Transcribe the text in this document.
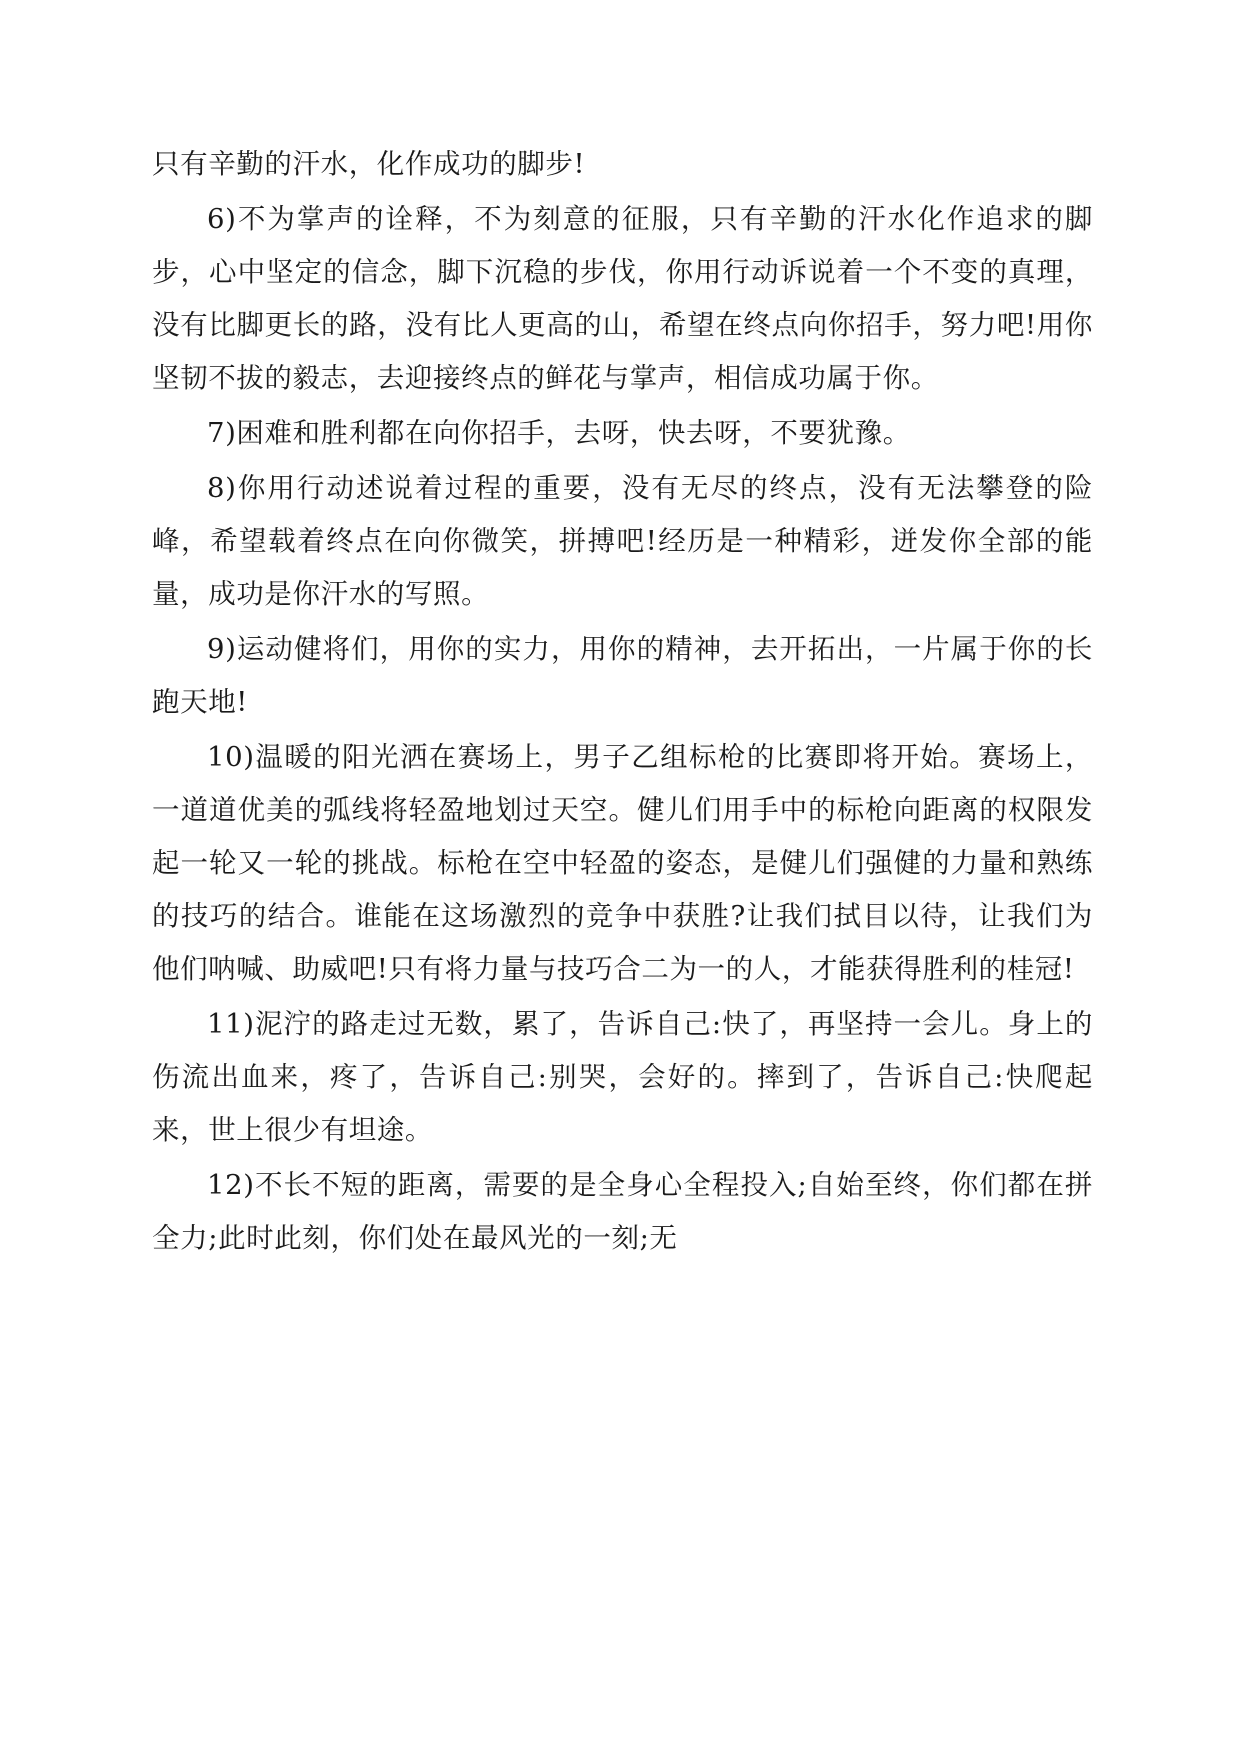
只有辛勤的汗水，化作成功的脚步!

6)不为掌声的诠释，不为刻意的征服，只有辛勤的汗水化作追求的脚步，心中坚定的信念，脚下沉稳的步伐，你用行动诉说着一个不变的真理，没有比脚更长的路，没有比人更高的山，希望在终点向你招手，努力吧!用你坚韧不拔的毅志，去迎接终点的鲜花与掌声，相信成功属于你。

7)困难和胜利都在向你招手，去呀，快去呀，不要犹豫。

8)你用行动述说着过程的重要，没有无尽的终点，没有无法攀登的险峰，希望载着终点在向你微笑，拼搏吧!经历是一种精彩，迸发你全部的能量，成功是你汗水的写照。

9)运动健将们，用你的实力，用你的精神，去开拓出，一片属于你的长跑天地!

10)温暖的阳光洒在赛场上，男子乙组标枪的比赛即将开始。赛场上，一道道优美的弧线将轻盈地划过天空。健儿们用手中的标枪向距离的权限发起一轮又一轮的挑战。标枪在空中轻盈的姿态，是健儿们强健的力量和熟练的技巧的结合。谁能在这场激烈的竞争中获胜?让我们拭目以待，让我们为他们呐喊、助威吧!只有将力量与技巧合二为一的人，才能获得胜利的桂冠!

11)泥泞的路走过无数，累了，告诉自己:快了，再坚持一会儿。身上的伤流出血来，疼了，告诉自己:别哭，会好的。摔到了，告诉自己:快爬起来，世上很少有坦途。

12)不长不短的距离，需要的是全身心全程投入;自始至终，你们都在拼全力;此时此刻，你们处在最风光的一刻;无
